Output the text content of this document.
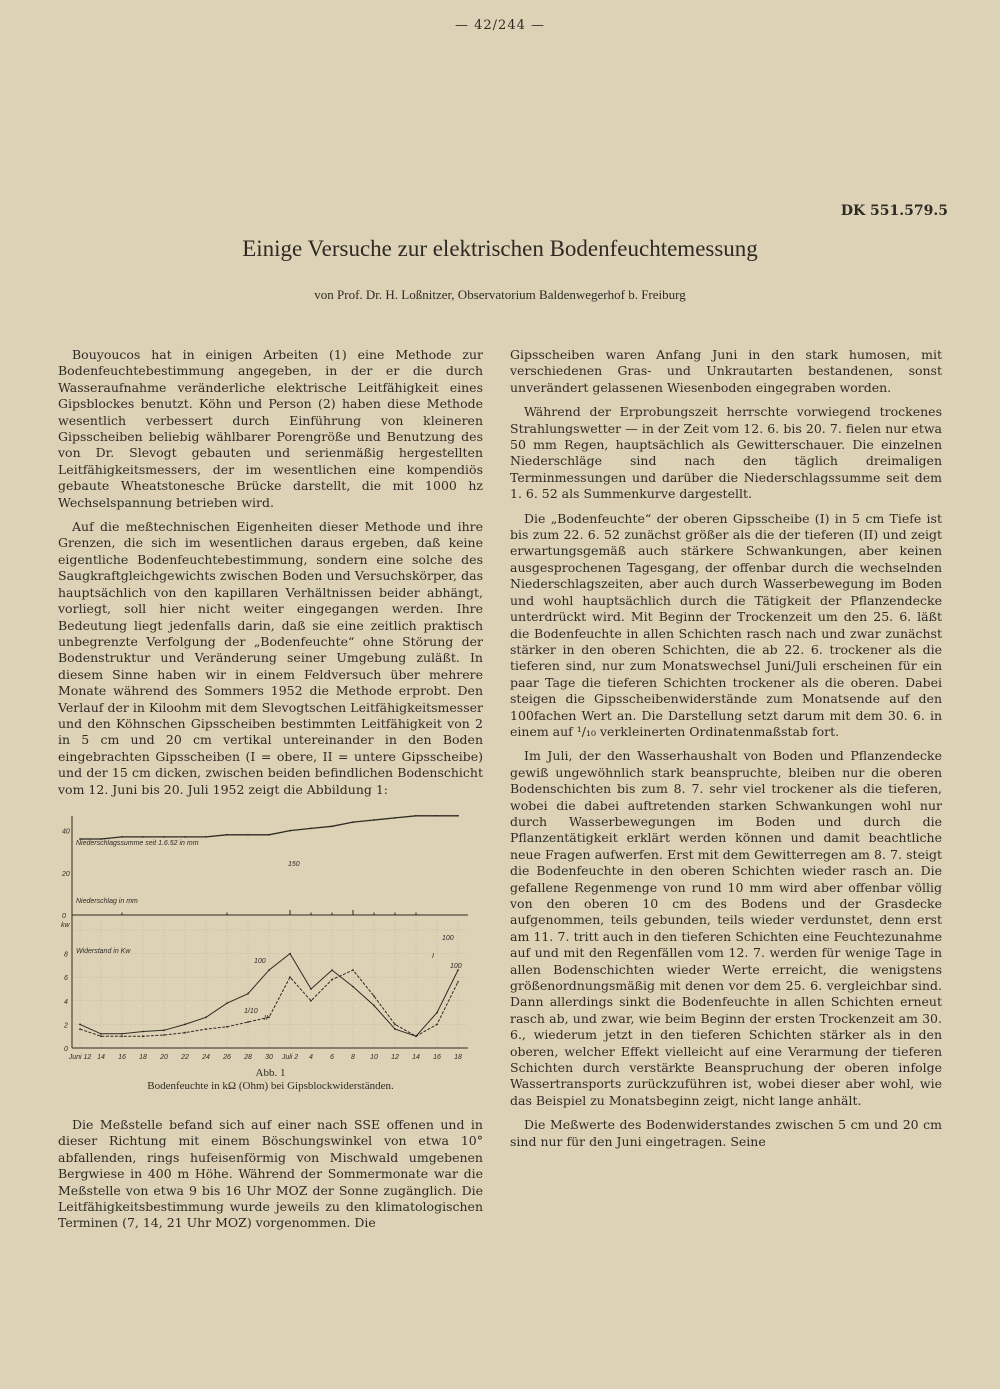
— 42/244 —
DK 551.579.5
Einige Versuche zur elektrischen Bodenfeuchtemessung
von Prof. Dr. H. Loßnitzer, Observatorium Baldenwegerhof b. Freiburg

Bouyoucos hat in einigen Arbeiten (1) eine Methode zur Bodenfeuchtebestimmung angegeben, in der er die durch Wasseraufnahme veränderliche elektrische Leitfähigkeit eines Gipsblockes benutzt. Köhn und Person (2) haben diese Methode wesentlich verbessert durch Einführung von kleineren Gipsscheiben beliebig wählbarer Porengröße und Benutzung des von Dr. Slevogt gebauten und serienmäßig hergestellten Leitfähigkeitsmessers, der im wesentlichen eine kompendiös gebaute Wheatstonesche Brücke darstellt, die mit 1000 hz Wechselspannung betrieben wird.

Auf die meßtechnischen Eigenheiten dieser Methode und ihre Grenzen, die sich im wesentlichen daraus ergeben, daß keine eigentliche Bodenfeuchtebestimmung, sondern eine solche des Saugkraftgleichgewichts zwischen Boden und Versuchskörper, das hauptsächlich von den kapillaren Verhältnissen beider abhängt, vorliegt, soll hier nicht weiter eingegangen werden. Ihre Bedeutung liegt jedenfalls darin, daß sie eine zeitlich praktisch unbegrenzte Verfolgung der „Bodenfeuchte“ ohne Störung der Bodenstruktur und Veränderung seiner Umgebung zuläßt. In diesem Sinne haben wir in einem Feldversuch über mehrere Monate während des Sommers 1952 die Methode erprobt. Den Verlauf der in Kiloohm mit dem Slevogtschen Leitfähigkeitsmesser und den Köhnschen Gipsscheiben bestimmten Leitfähigkeit von 2 in 5 cm und 20 cm vertikal untereinander in den Boden eingebrachten Gipsscheiben (I = obere, II = untere Gipsscheibe) und der 15 cm dicken, zwischen beiden befindlichen Bodenschicht vom 12. Juni bis 20. Juli 1952 zeigt die Abbildung 1:

40
20
0
8
6
4
2
0
Juni 12 14 16 18 20 22 24 26 28 30 Juli 2 4 6 8 10 12 14 16 18
Niederschlagssumme seit 1.6.52 in mm
Niederschlag in mm
Widerstand in Kw
kw
150
100
1/10
100
100
I
II
Abb. 1
Bodenfeuchte in kΩ (Ohm) bei Gipsblockwiderständen.

Die Meßstelle befand sich auf einer nach SSE offenen und in dieser Richtung mit einem Böschungswinkel von etwa 10° abfallenden, rings hufeisenförmig von Mischwald umgebenen Bergwiese in 400 m Höhe. Während der Sommermonate war die Meßstelle von etwa 9 bis 16 Uhr MOZ der Sonne zugänglich. Die Leitfähigkeitsbestimmung wurde jeweils zu den klimatologischen Terminen (7, 14, 21 Uhr MOZ) vorgenommen. Die

Gipsscheiben waren Anfang Juni in den stark humosen, mit verschiedenen Gras- und Unkrautarten bestandenen, sonst unverändert gelassenen Wiesenboden eingegraben worden.

Während der Erprobungszeit herrschte vorwiegend trockenes Strahlungswetter — in der Zeit vom 12. 6. bis 20. 7. fielen nur etwa 50 mm Regen, hauptsächlich als Gewitterschauer. Die einzelnen Niederschläge sind nach den täglich dreimaligen Terminmessungen und darüber die Niederschlagssumme seit dem 1. 6. 52 als Summenkurve dargestellt.

Die „Bodenfeuchte“ der oberen Gipsscheibe (I) in 5 cm Tiefe ist bis zum 22. 6. 52 zunächst größer als die der tieferen (II) und zeigt erwartungsgemäß auch stärkere Schwankungen, aber keinen ausgesprochenen Tagesgang, der offenbar durch die wechselnden Niederschlagszeiten, aber auch durch Wasserbewegung im Boden und wohl hauptsächlich durch die Tätigkeit der Pflanzendecke unterdrückt wird. Mit Beginn der Trockenzeit um den 25. 6. läßt die Bodenfeuchte in allen Schichten rasch nach und zwar zunächst stärker in den oberen Schichten, die ab 22. 6. trockener als die tieferen sind, nur zum Monatswechsel Juni/Juli erscheinen für ein paar Tage die tieferen Schichten trockener als die oberen. Dabei steigen die Gipsscheibenwiderstände zum Monatsende auf den 100fachen Wert an. Die Darstellung setzt darum mit dem 30. 6. in einem auf ¹/₁₀ verkleinerten Ordinatenmaßstab fort.

Im Juli, der den Wasserhaushalt von Boden und Pflanzendecke gewiß ungewöhnlich stark beanspruchte, bleiben nur die oberen Bodenschichten bis zum 8. 7. sehr viel trockener als die tieferen, wobei die dabei auftretenden starken Schwankungen wohl nur durch Wasserbewegungen im Boden und durch die Pflanzentätigkeit erklärt werden können und damit beachtliche neue Fragen aufwerfen. Erst mit dem Gewitterregen am 8. 7. steigt die Bodenfeuchte in den oberen Schichten wieder rasch an. Die gefallene Regenmenge von rund 10 mm wird aber offenbar völlig von den oberen 10 cm des Bodens und der Grasdecke aufgenommen, teils gebunden, teils wieder verdunstet, denn erst am 11. 7. tritt auch in den tieferen Schichten eine Feuchtezunahme auf und mit den Regenfällen vom 12. 7. werden für wenige Tage in allen Bodenschichten wieder Werte erreicht, die wenigstens größenordnungsmäßig mit denen vor dem 25. 6. vergleichbar sind. Dann allerdings sinkt die Bodenfeuchte in allen Schichten erneut rasch ab, und zwar, wie beim Beginn der ersten Trockenzeit am 30. 6., wiederum jetzt in den tieferen Schichten stärker als in den oberen, welcher Effekt vielleicht auf eine Verarmung der tieferen Schichten durch verstärkte Beanspruchung der oberen infolge Wassertransports zurückzuführen ist, wobei dieser aber wohl, wie das Beispiel zu Monatsbeginn zeigt, nicht lange anhält.

Die Meßwerte des Bodenwiderstandes zwischen 5 cm und 20 cm sind nur für den Juni eingetragen. Seine
